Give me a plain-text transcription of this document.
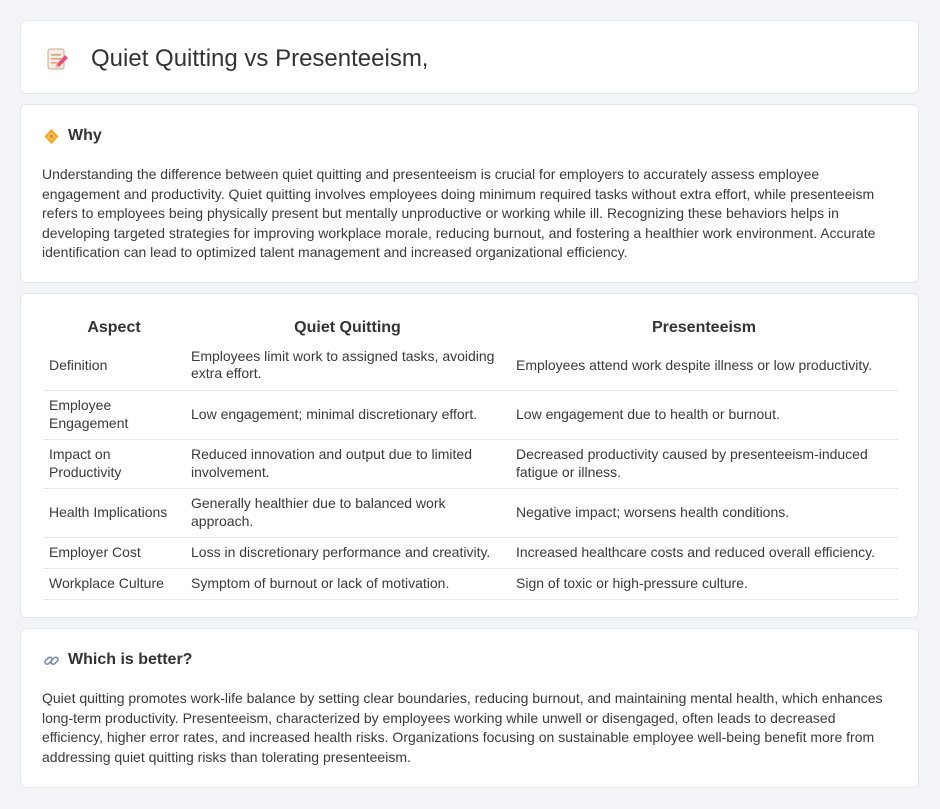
Quiet Quitting vs Presenteeism,
Why

Understanding the difference between quiet quitting and presenteeism is crucial for employers to accurately assess employee engagement and productivity. Quiet quitting involves employees doing minimum required tasks without extra effort, while presenteeism refers to employees being physically present but mentally unproductive or working while ill. Recognizing these behaviors helps in developing targeted strategies for improving workplace morale, reducing burnout, and fostering a healthier work environment. Accurate identification can lead to optimized talent management and increased organizational efficiency.

Aspect	Quiet Quitting	Presenteeism
Definition	Employees limit work to assigned tasks, avoiding extra effort.	Employees attend work despite illness or low productivity.
Employee Engagement	Low engagement; minimal discretionary effort.	Low engagement due to health or burnout.
Impact on Productivity	Reduced innovation and output due to limited involvement.	Decreased productivity caused by presenteeism-induced fatigue or illness.
Health Implications	Generally healthier due to balanced work approach.	Negative impact; worsens health conditions.
Employer Cost	Loss in discretionary performance and creativity.	Increased healthcare costs and reduced overall efficiency.
Workplace Culture	Symptom of burnout or lack of motivation.	Sign of toxic or high-pressure culture.
Which is better?

Quiet quitting promotes work-life balance by setting clear boundaries, reducing burnout, and maintaining mental health, which enhances long-term productivity. Presenteeism, characterized by employees working while unwell or disengaged, often leads to decreased efficiency, higher error rates, and increased health risks. Organizations focusing on sustainable employee well-being benefit more from addressing quiet quitting risks than tolerating presenteeism.
